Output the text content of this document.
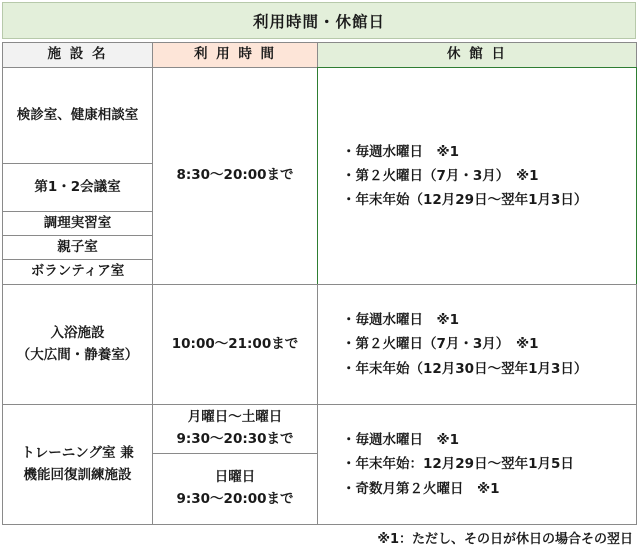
利用時間・休館日
施 設 名	利 用 時 間	休 館 日
検診室、健康相談室
第1・2会議室
調理実習室
親子室
ボランティア室
8:30～20:00まで
・毎週水曜日　※1
・第２火曜日（7月・3月）　※1
・年末年始（12月29日～翌年1月3日）
入浴施設
（大広間・静養室）
10:00～21:00まで
・毎週水曜日　※1
・第２火曜日（7月・3月）　※1
・年末年始（12月30日～翌年1月3日）
トレーニング室 兼
機能回復訓練施設
月曜日～土曜日
9:30～20:30まで
日曜日
9:30～20:00まで
・毎週水曜日　※1
・年末年始：12月29日～翌年1月5日
・奇数月第２火曜日　※1
※1：ただし、その日が休日の場合その翌日
